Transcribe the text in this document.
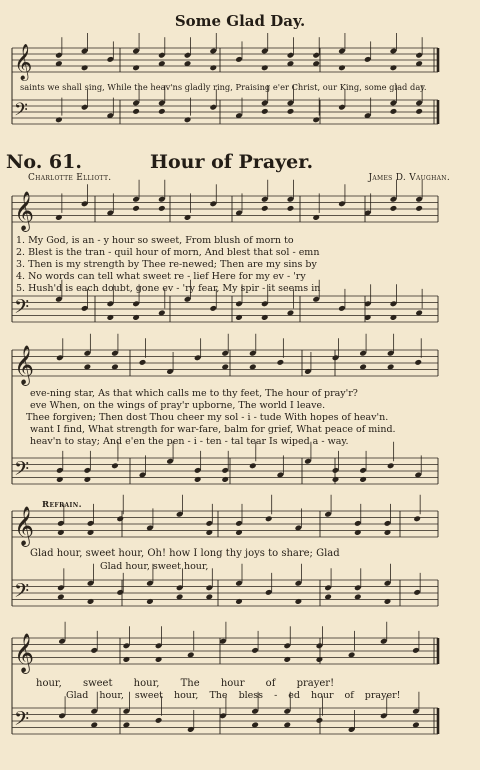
𝄞
𝄢
𝄞
𝄢
𝄞
𝄢
𝄞
𝄢
𝄞
𝄢
Some Glad Day.
saints we shall sing, While the heav'ns gladly ring, Praising e'er Christ, our King, some glad day.
No. 61.	Hour of Prayer.
Charlotte Elliott.	James D. Vaughan.
1. My God, is an - y hour so sweet, From blush of morn to
2. Blest is the tran - quil hour of morn, And blest that sol - emn
3. Then is my strength by Thee re-newed; Then are my sins by
4. No words can tell what sweet re - lief Here for my ev - 'ry
5. Hush'd is each doubt, gone ev - 'ry fear, My spir - it seems in
eve-ning star, As that which calls me to thy feet, The hour of pray'r?
eve When, on the wings of pray'r upborne, The world I leave.
Thee forgiven; Then dost Thou cheer my sol - i - tude With hopes of heav'n.
want I find, What strength for war-fare, balm for grief, What peace of mind.
heav'n to stay; And e'en the pen - i - ten - tal tear Is wiped a - way.
Refrain.
Glad hour, sweet hour, Oh! how I long thy joys to share; Glad
Glad hour, sweet hour,
hour, sweet hour, The hour of prayer!
Glad hour, sweet hour, The bless - ed hour of prayer!
